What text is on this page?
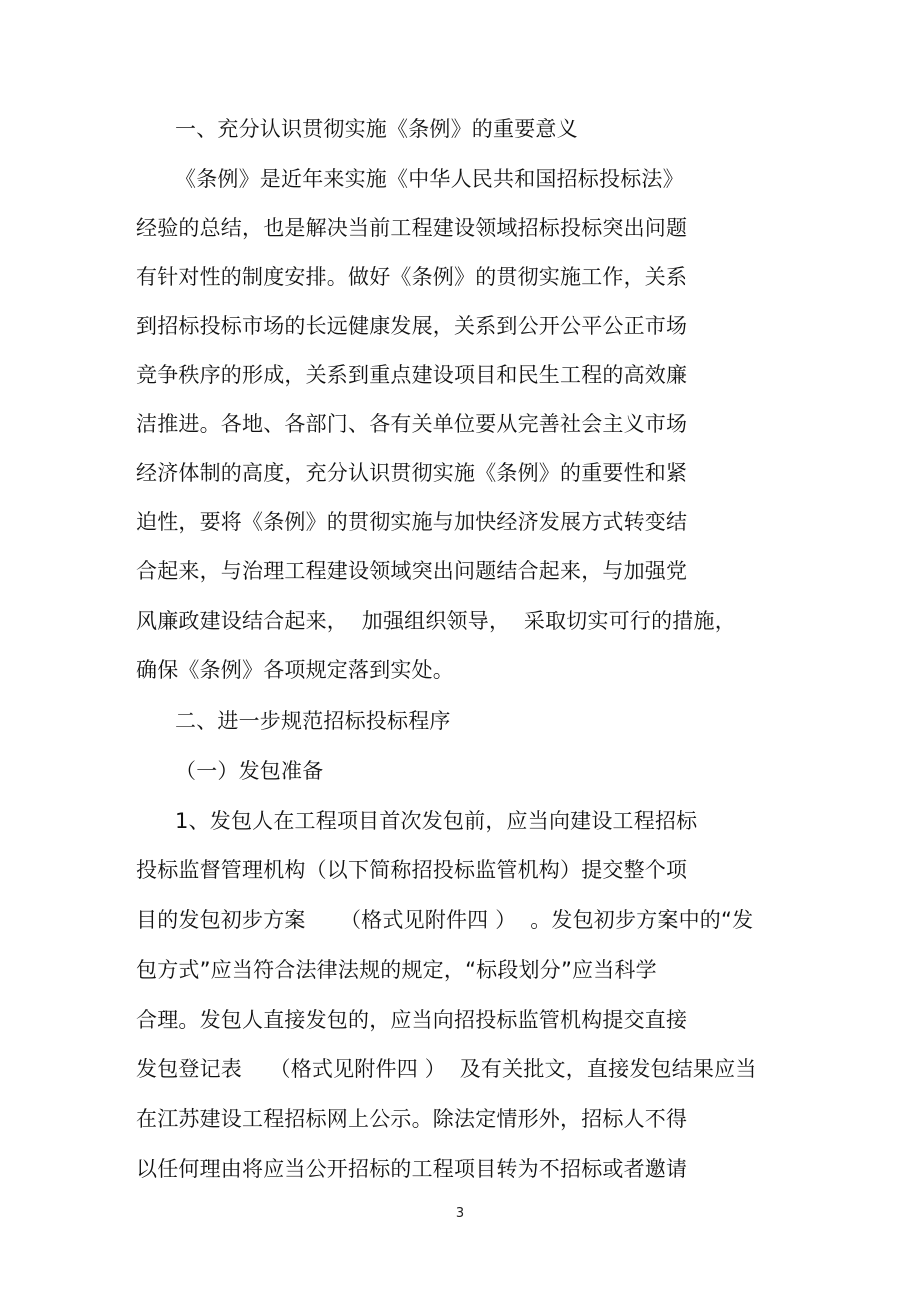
一、充分认识贯彻实施《条例》的重要意义
《条例》是近年来实施《中华人民共和国招标投标法》
经验的总结，也是解决当前工程建设领域招标投标突出问题
有针对性的制度安排。做好《条例》的贯彻实施工作，关系
到招标投标市场的长远健康发展，关系到公开公平公正市场
竞争秩序的形成，关系到重点建设项目和民生工程的高效廉
洁推进。各地、各部门、各有关单位要从完善社会主义市场
经济体制的高度，充分认识贯彻实施《条例》的重要性和紧
迫性，要将《条例》的贯彻实施与加快经济发展方式转变结
合起来，与治理工程建设领域突出问题结合起来，与加强党
风廉政建设结合起来，  加强组织领导，  采取切实可行的措施，
确保《条例》各项规定落到实处。
二、进一步规范招标投标程序
（一）发包准备
1、发包人在工程项目首次发包前，应当向建设工程招标
投标监督管理机构（以下简称招投标监管机构）提交整个项
目的发包初步方案     （格式见附件四 ）  。发包初步方案中的“发
包方式”应当符合法律法规的规定，“标段划分”应当科学
合理。发包人直接发包的，应当向招投标监管机构提交直接
发包登记表    （格式见附件四 ）  及有关批文，直接发包结果应当
在江苏建设工程招标网上公示。除法定情形外，招标人不得
以任何理由将应当公开招标的工程项目转为不招标或者邀请
3
